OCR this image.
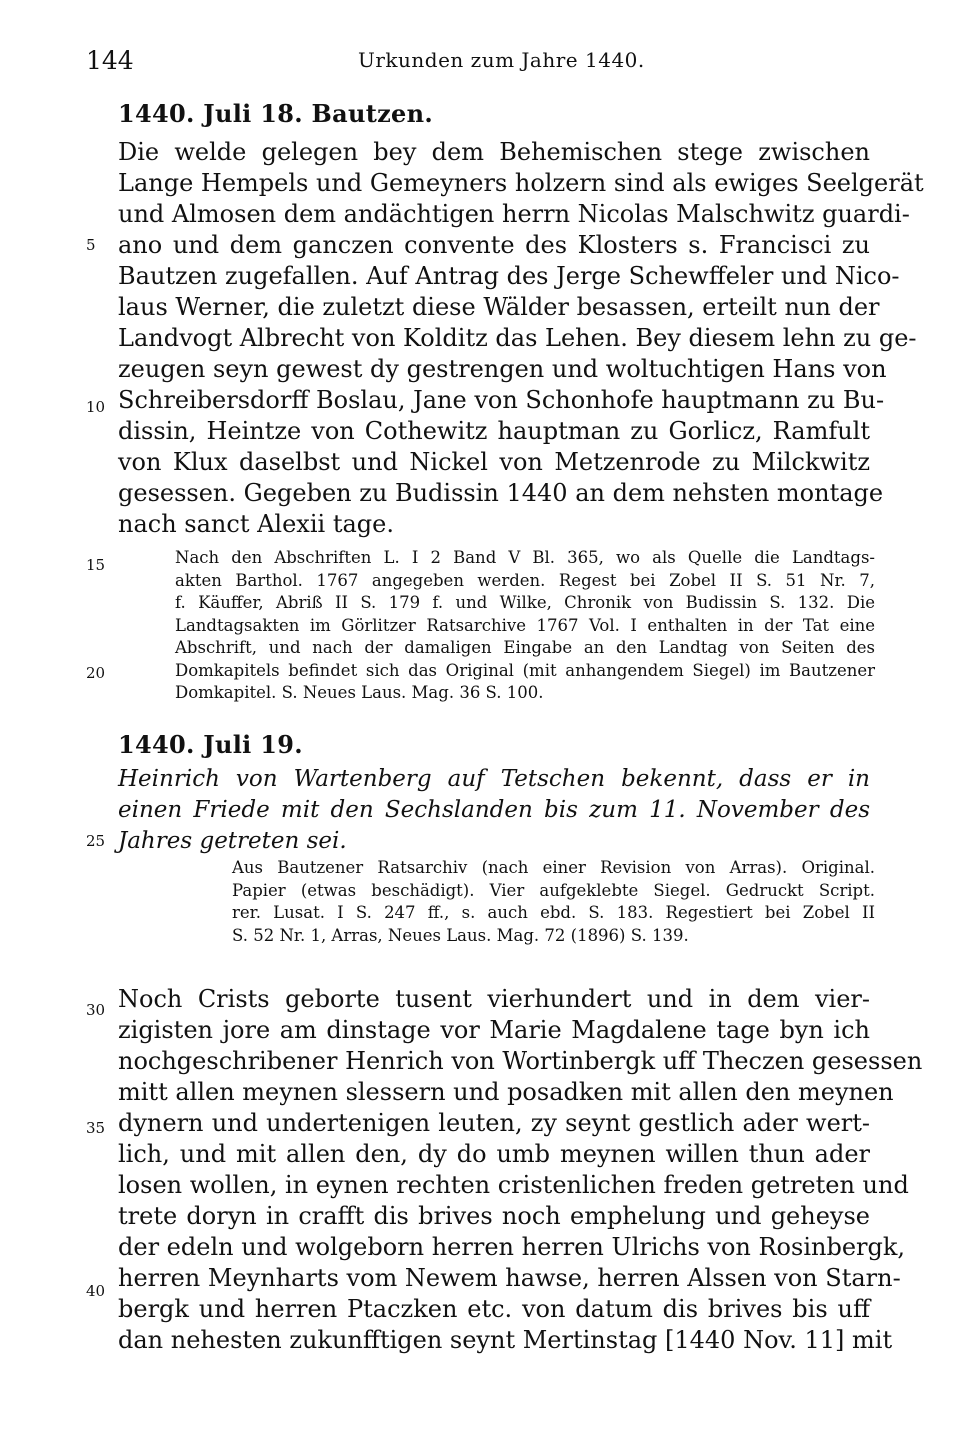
144	Urkunden zum Jahre 1440.
1440. Juli 18. Bautzen.
Die welde gelegen bey dem Behemischen stege zwischen
Lange Hempels und Gemeyners holzern sind als ewiges Seelgerät
und Almosen dem andächtigen herrn Nicolas Malschwitz guardi-
ano und dem ganczen convente des Klosters s. Francisci zu
Bautzen zugefallen. Auf Antrag des Jerge Schewffeler und Nico-
laus Werner, die zuletzt diese Wälder besassen, erteilt nun der
Landvogt Albrecht von Kolditz das Lehen. Bey diesem lehn zu ge-
zeugen seyn gewest dy gestrengen und woltuchtigen Hans von
Schreibersdorff Boslau, Jane von Schonhofe hauptmann zu Bu-
dissin, Heintze von Cothewitz hauptman zu Gorlicz, Ramfult
von Klux daselbst und Nickel von Metzenrode zu Milckwitz
gesessen. Gegeben zu Budissin 1440 an dem nehsten montage
nach sanct Alexii tage.
Nach den Abschriften L. I 2 Band V Bl. 365, wo als Quelle die Landtags-
akten Barthol. 1767 angegeben werden. Regest bei Zobel II S. 51 Nr. 7,
f. Käuffer, Abriß II S. 179 f. und Wilke, Chronik von Budissin S. 132. Die
Landtagsakten im Görlitzer Ratsarchive 1767 Vol. I enthalten in der Tat eine
Abschrift, und nach der damaligen Eingabe an den Landtag von Seiten des
Domkapitels befindet sich das Original (mit anhangendem Siegel) im Bautzener
Domkapitel. S. Neues Laus. Mag. 36 S. 100.
1440. Juli 19.
Heinrich von Wartenberg auf Tetschen bekennt, dass er in
einen Friede mit den Sechslanden bis zum 11. November des
Jahres getreten sei.
Aus Bautzener Ratsarchiv (nach einer Revision von Arras). Original.
Papier (etwas beschädigt). Vier aufgeklebte Siegel. Gedruckt Script.
rer. Lusat. I S. 247 ff., s. auch ebd. S. 183. Regestiert bei Zobel II
S. 52 Nr. 1, Arras, Neues Laus. Mag. 72 (1896) S. 139.
Noch Crists geborte tusent vierhundert und in dem vier-
zigisten jore am dinstage vor Marie Magdalene tage byn ich
nochgeschribener Henrich von Wortinbergk uff Theczen gesessen
mitt allen meynen slessern und posadken mit allen den meynen
dynern und undertenigen leuten, zy seynt gestlich ader wert-
lich, und mit allen den, dy do umb meynen willen thun ader
losen wollen, in eynen rechten cristenlichen freden getreten und
trete doryn in crafft dis brives noch emphelung und geheyse
der edeln und wolgeborn herren herren Ulrichs von Rosinbergk,
herren Meynharts vom Newem hawse, herren Alssen von Starn-
bergk und herren Ptaczken etc. von datum dis brives bis uff
dan nehesten zukunfftigen seynt Mertinstag [1440 Nov. 11] mit
5
10
15
20
25
30
35
40
